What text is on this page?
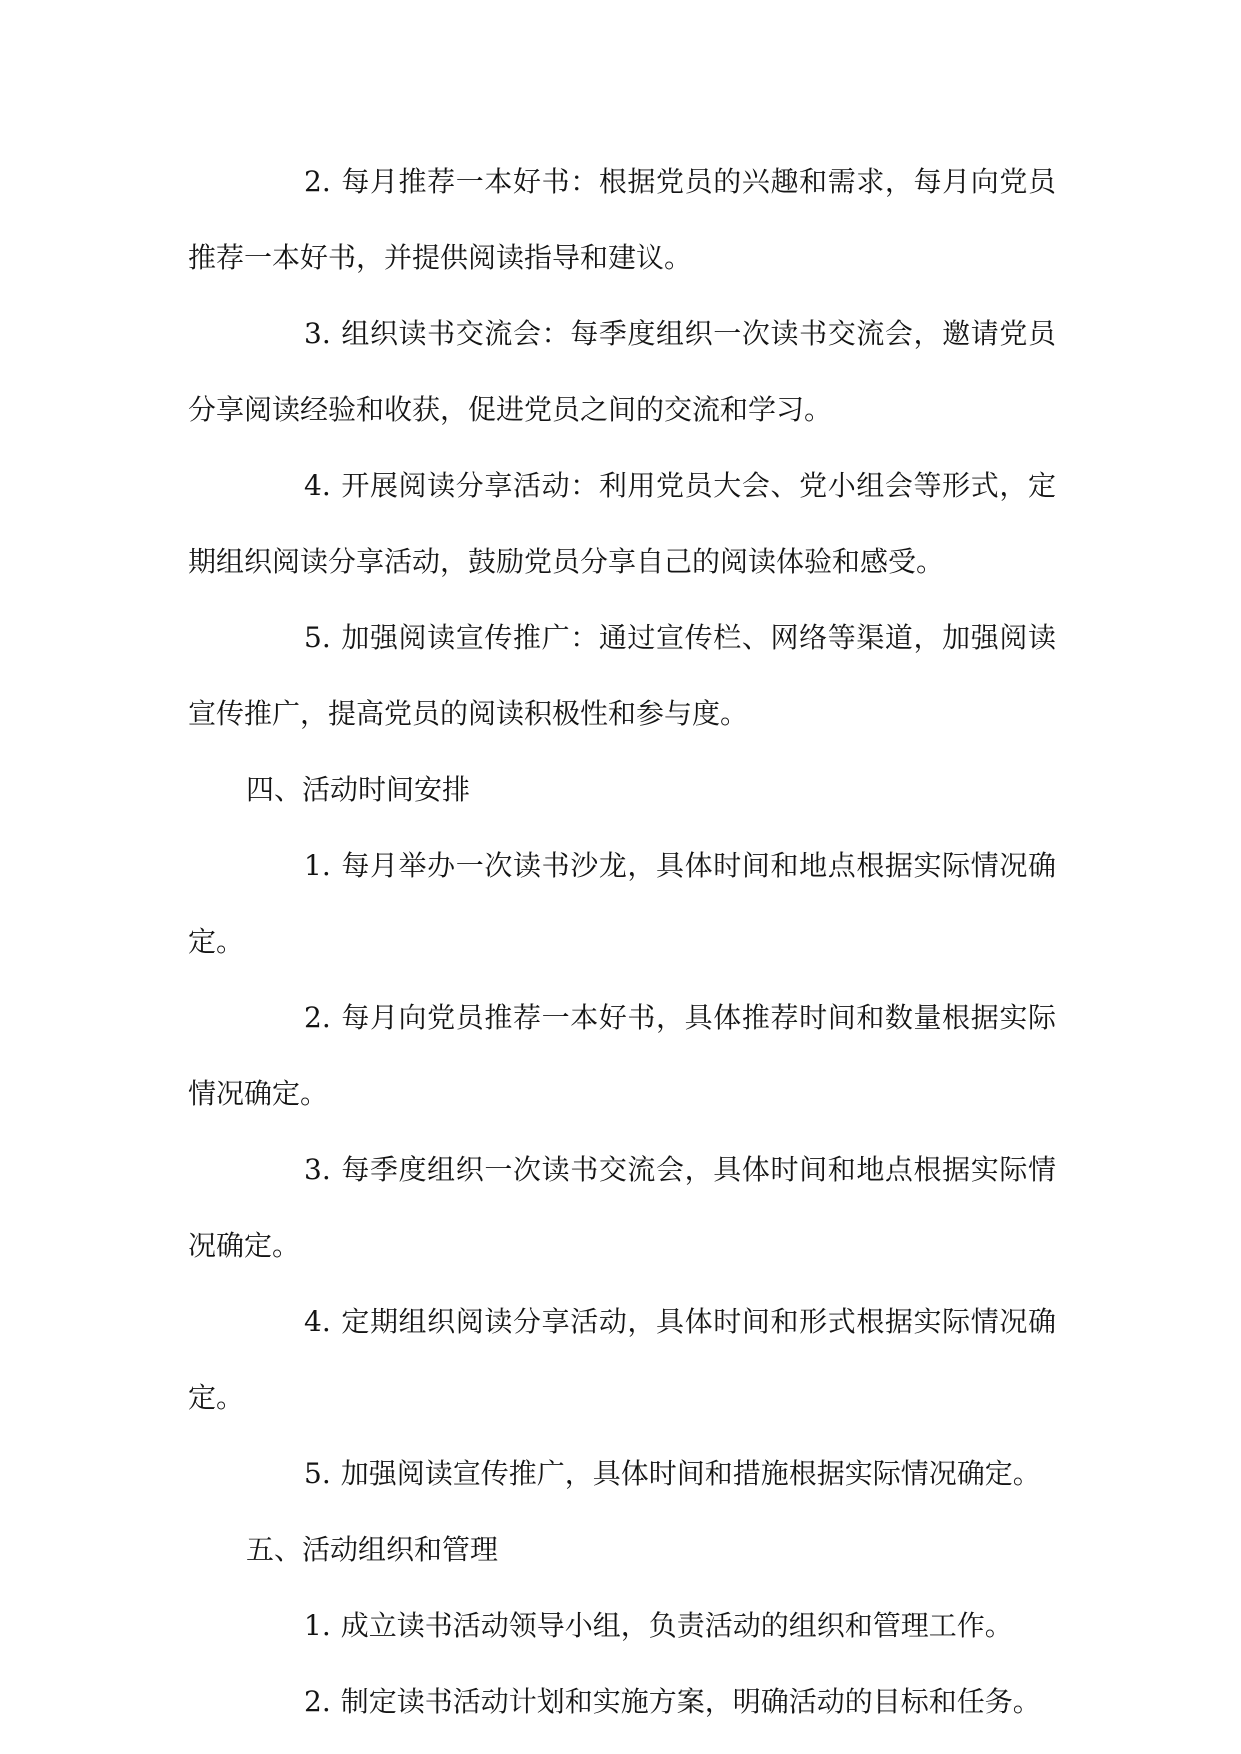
2. 每月推荐一本好书：根据党员的兴趣和需求，每月向党员推荐一本好书，并提供阅读指导和建议。

3. 组织读书交流会：每季度组织一次读书交流会，邀请党员分享阅读经验和收获，促进党员之间的交流和学习。

4. 开展阅读分享活动：利用党员大会、党小组会等形式，定期组织阅读分享活动，鼓励党员分享自己的阅读体验和感受。

5. 加强阅读宣传推广：通过宣传栏、网络等渠道，加强阅读宣传推广，提高党员的阅读积极性和参与度。

四、活动时间安排

1. 每月举办一次读书沙龙，具体时间和地点根据实际情况确定。

2. 每月向党员推荐一本好书，具体推荐时间和数量根据实际情况确定。

3. 每季度组织一次读书交流会，具体时间和地点根据实际情况确定。

4. 定期组织阅读分享活动，具体时间和形式根据实际情况确定。

5. 加强阅读宣传推广，具体时间和措施根据实际情况确定。

五、活动组织和管理

1. 成立读书活动领导小组，负责活动的组织和管理工作。

2. 制定读书活动计划和实施方案，明确活动的目标和任务。
